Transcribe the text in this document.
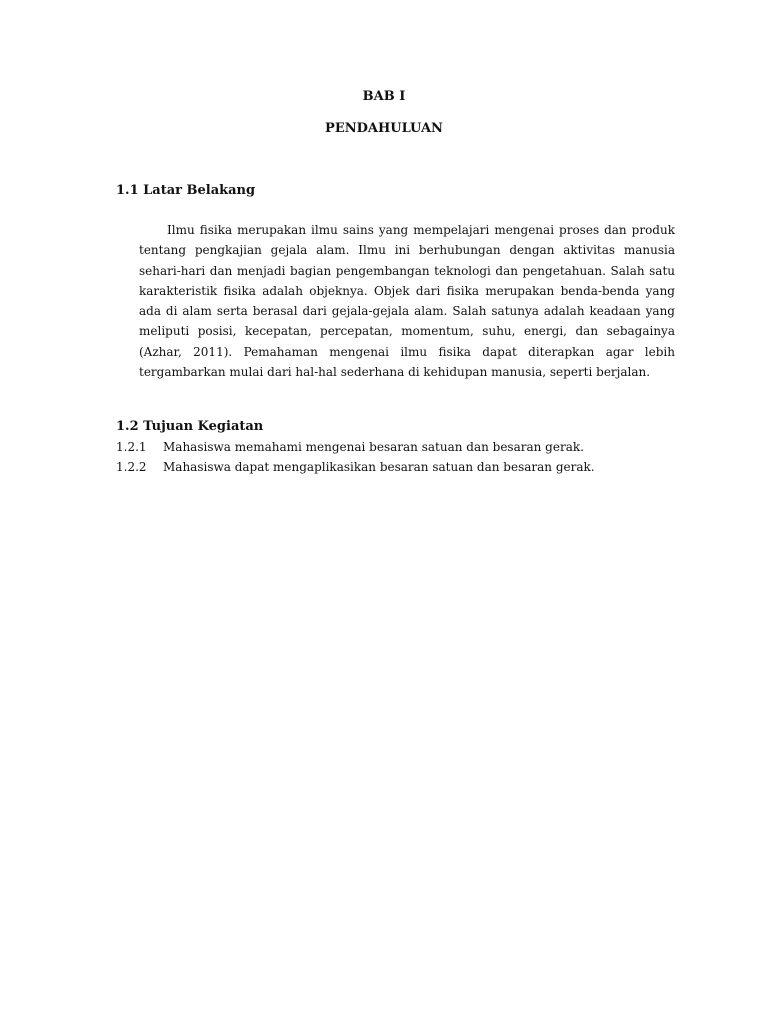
BAB I
PENDAHULUAN
1.1 Latar Belakang

Ilmu fisika merupakan ilmu sains yang mempelajari mengenai proses dan produk tentang pengkajian gejala alam. Ilmu ini berhubungan dengan aktivitas manusia sehari-hari dan menjadi bagian pengembangan teknologi dan pengetahuan. Salah satu karakteristik fisika adalah objeknya. Objek dari fisika merupakan benda-benda yang ada di alam serta berasal dari gejala-gejala alam. Salah satunya adalah keadaan yang meliputi posisi, kecepatan, percepatan, momentum, suhu, energi, dan sebagainya (Azhar, 2011). Pemahaman mengenai ilmu fisika dapat diterapkan agar lebih tergambarkan mulai dari hal-hal sederhana di kehidupan manusia, seperti berjalan.

1.2 Tujuan Kegiatan
1.2.1	Mahasiswa memahami mengenai besaran satuan dan besaran gerak.
1.2.2	Mahasiswa dapat mengaplikasikan besaran satuan dan besaran gerak.
